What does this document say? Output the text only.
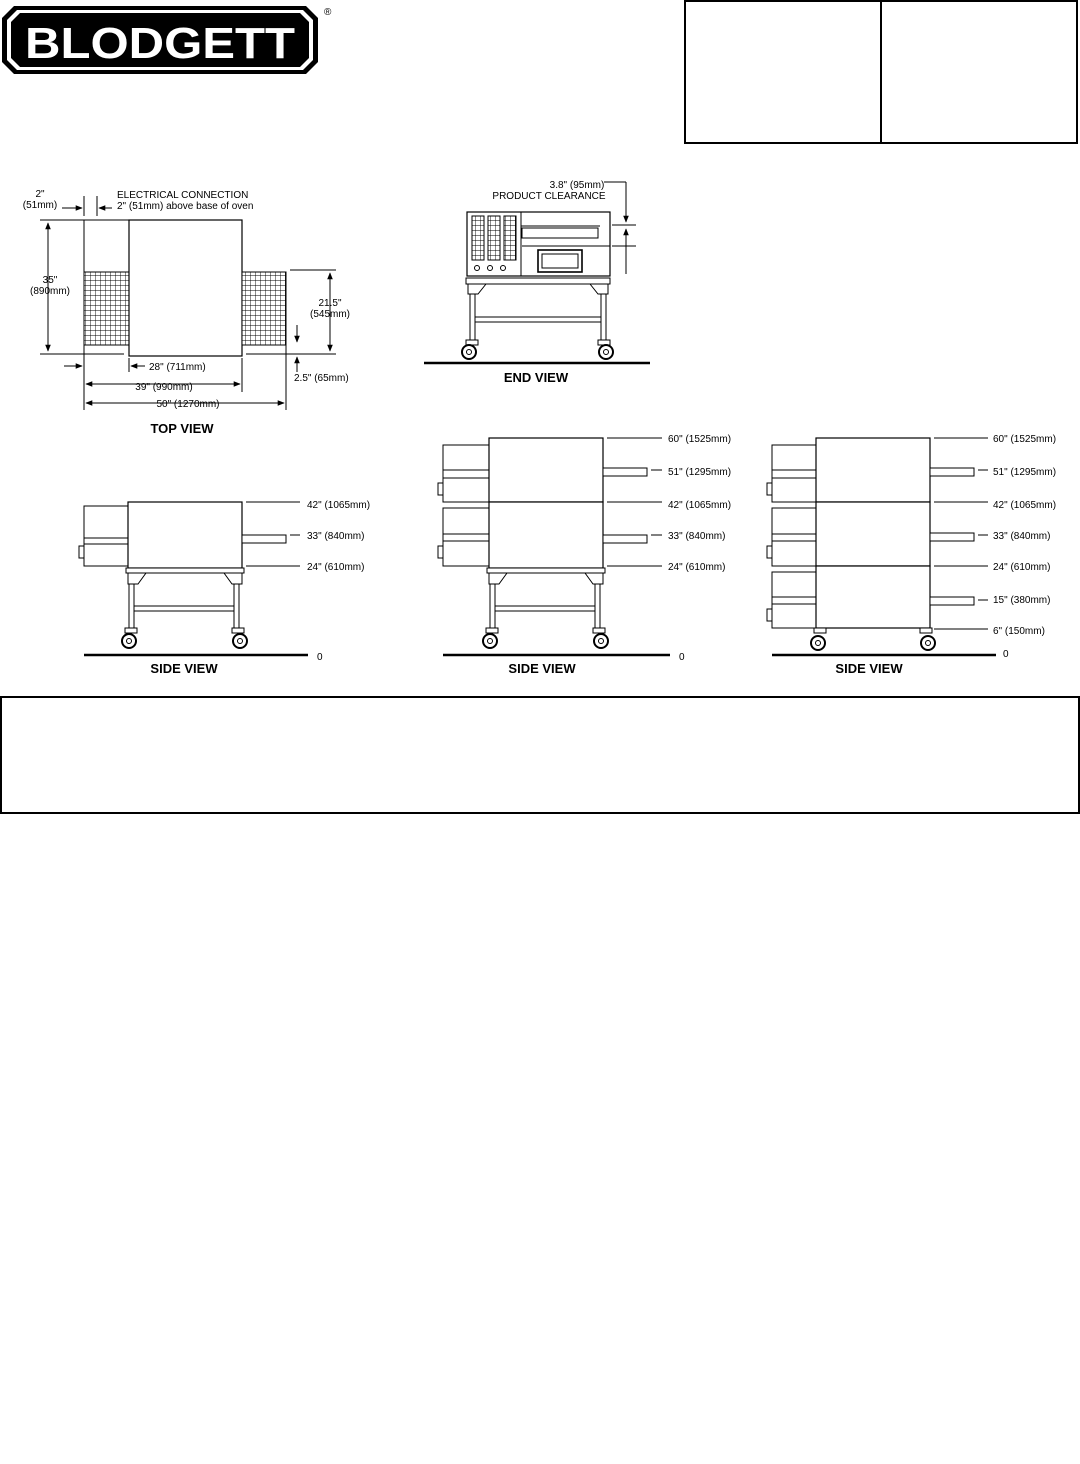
BLODGETT
®
2"
(51mm)
ELECTRICAL CONNECTION
2" (51mm) above base of oven
35"
(890mm)
21.5"
(545mm)
2.5" (65mm)
28" (711mm)
39" (990mm)
50" (1270mm)
TOP VIEW
3.8" (95mm)
PRODUCT CLEARANCE
END VIEW
42" (1065mm)
33" (840mm)
24" (610mm)
0
SIDE VIEW
60" (1525mm)
51" (1295mm)
42" (1065mm)
33" (840mm)
24" (610mm)
0
SIDE VIEW
60" (1525mm)
51" (1295mm)
42" (1065mm)
33" (840mm)
24" (610mm)
15" (380mm)
6" (150mm)
0
SIDE VIEW
